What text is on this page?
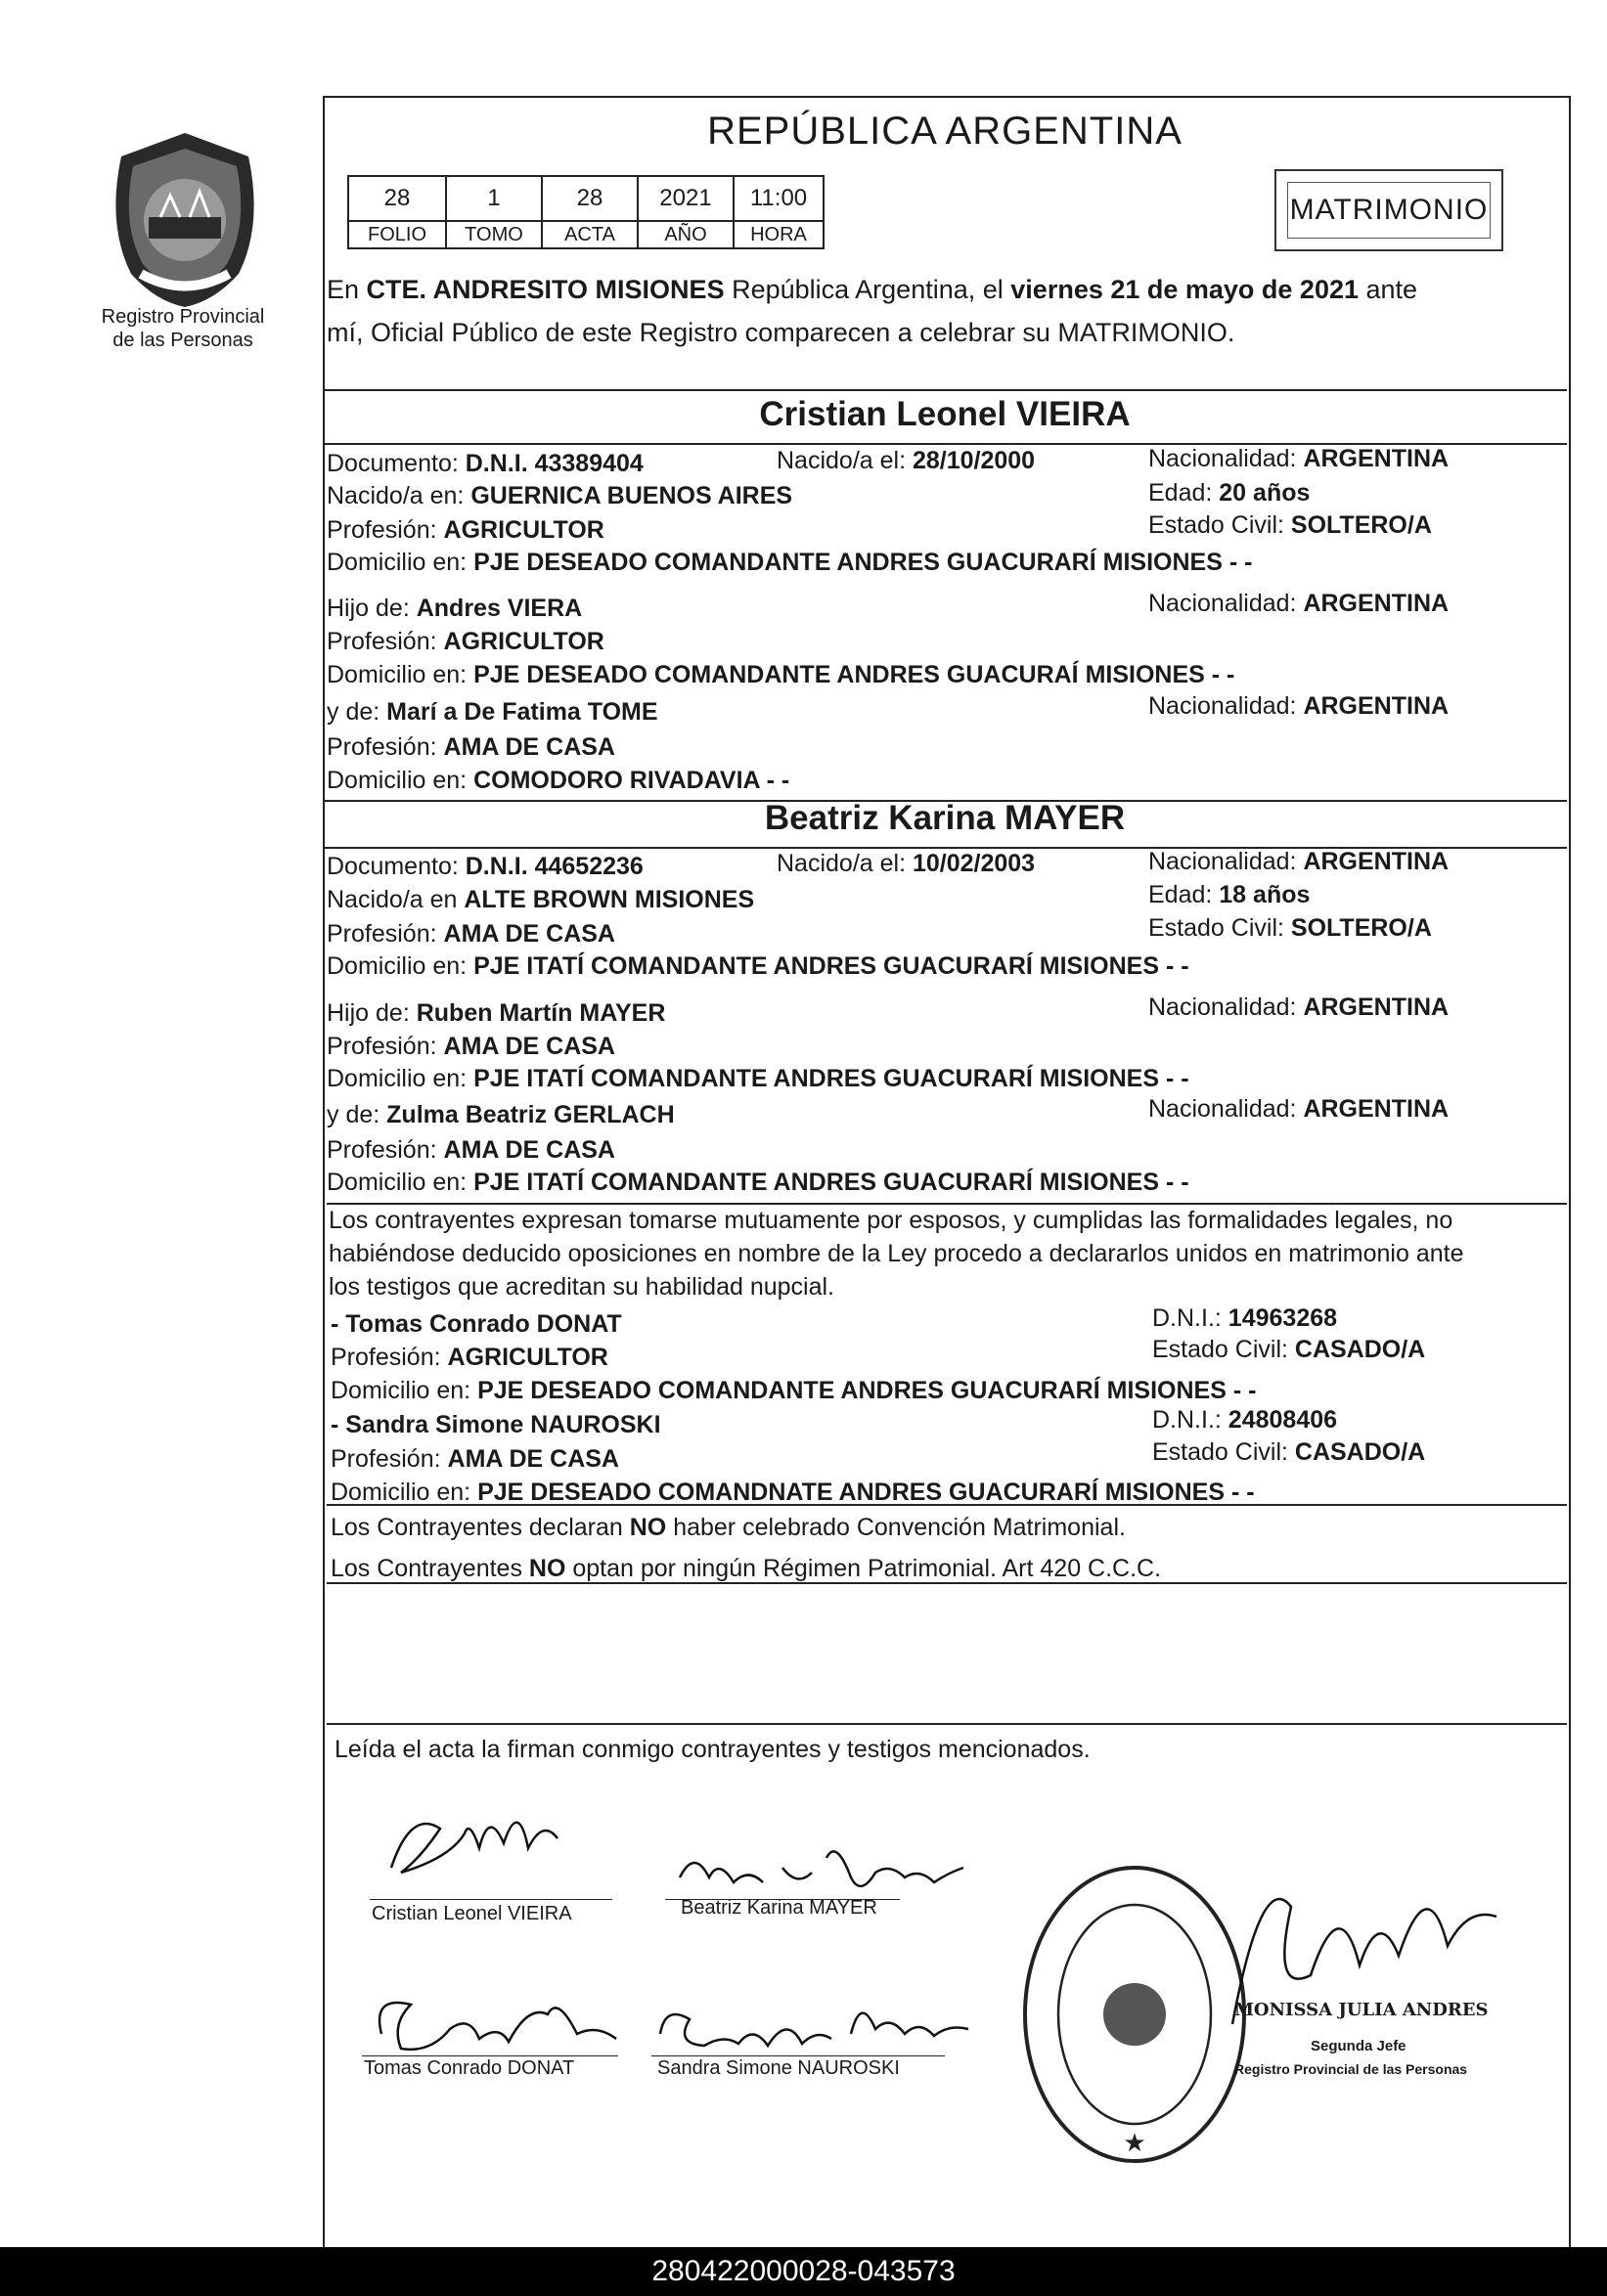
Registro Provincial
de las Personas
REPÚBLICA ARGENTINA
28	1	28	2021	11:00
FOLIO	TOMO	ACTA	AÑO	HORA
MATRIMONIO
En CTE. ANDRESITO MISIONES República Argentina, el viernes 21 de mayo de 2021 ante
mí, Oficial Público de este Registro comparecen a celebrar su MATRIMONIO.
Cristian Leonel VIEIRA
Documento: D.N.I. 43389404	Nacido/a el: 28/10/2000	Nacionalidad: ARGENTINA
Nacido/a en: GUERNICA BUENOS AIRES	Edad: 20 años
Profesión: AGRICULTOR	Estado Civil: SOLTERO/A
Domicilio en: PJE DESEADO COMANDANTE ANDRES GUACURARÍ MISIONES - -
Hijo de: Andres VIERA	Nacionalidad: ARGENTINA
Profesión: AGRICULTOR
Domicilio en: PJE DESEADO COMANDANTE ANDRES GUACURAÍ MISIONES - -
y de: Marí a De Fatima TOME	Nacionalidad: ARGENTINA
Profesión: AMA DE CASA
Domicilio en: COMODORO RIVADAVIA - -
Beatriz Karina MAYER
Documento: D.N.I. 44652236	Nacido/a el: 10/02/2003	Nacionalidad: ARGENTINA
Nacido/a en ALTE BROWN MISIONES	Edad: 18 años
Profesión: AMA DE CASA	Estado Civil: SOLTERO/A
Domicilio en: PJE ITATÍ COMANDANTE ANDRES GUACURARÍ MISIONES - -
Hijo de: Ruben Martín MAYER	Nacionalidad: ARGENTINA
Profesión: AMA DE CASA
Domicilio en: PJE ITATÍ COMANDANTE ANDRES GUACURARÍ MISIONES - -
y de: Zulma Beatriz GERLACH	Nacionalidad: ARGENTINA
Profesión: AMA DE CASA
Domicilio en: PJE ITATÍ COMANDANTE ANDRES GUACURARÍ MISIONES - -
Los contrayentes expresan tomarse mutuamente por esposos, y cumplidas las formalidades legales, no
habiéndose deducido oposiciones en nombre de la Ley procedo a declararlos unidos en matrimonio ante
los testigos que acreditan su habilidad nupcial.
- Tomas Conrado DONAT	D.N.I.: 14963268
Profesión: AGRICULTOR	Estado Civil: CASADO/A
Domicilio en: PJE DESEADO COMANDANTE ANDRES GUACURARÍ MISIONES - -
- Sandra Simone NAUROSKI	D.N.I.: 24808406
Profesión: AMA DE CASA	Estado Civil: CASADO/A
Domicilio en: PJE DESEADO COMANDNATE ANDRES GUACURARÍ MISIONES - -
Los Contrayentes declaran NO haber celebrado Convención Matrimonial.
Los Contrayentes NO optan por ningún Régimen Patrimonial. Art 420 C.C.C.
Leída el acta la firman conmigo contrayentes y testigos mencionados.
Cristian Leonel VIEIRA	Beatriz Karina MAYER
Tomas Conrado DONAT	Sandra Simone NAUROSKI
★
MONISSA JULIA ANDRES
Segunda Jefe
Registro Provincial de las Personas
280422000028-043573
